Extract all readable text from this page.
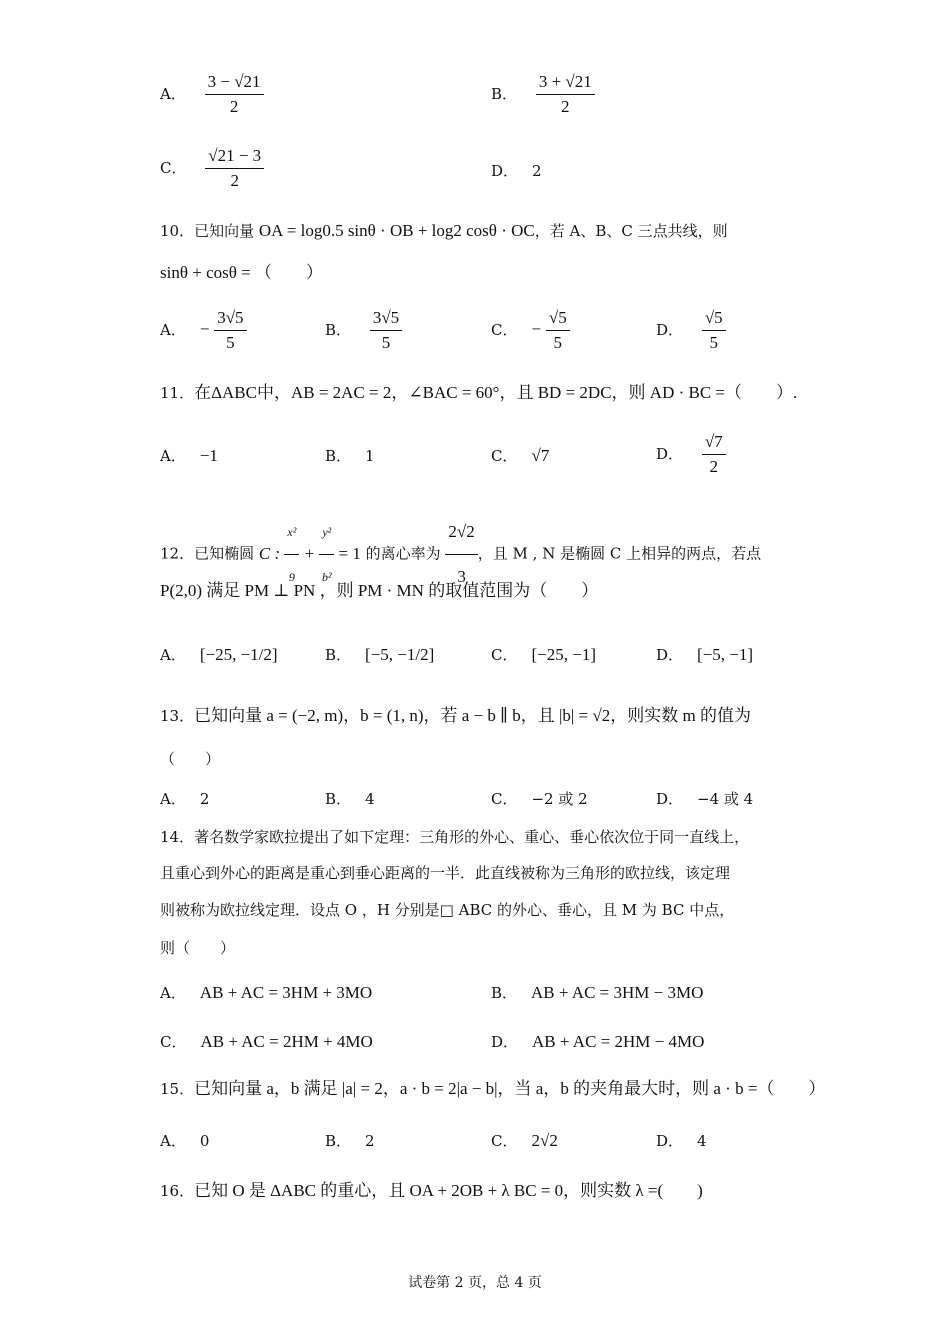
A． $\frac{3 - √21}{2}$	B． $\frac{3 + √21}{2}$
C． $\frac{√21 - 3}{2}$	D． 2
10．已知向量 OA = log0.5 sinθ · OB + log2 cosθ · OC，若 A、B、C 三点共线，则
sinθ + cosθ = （　　）
A． − $\frac{3√5}{5}$	B． $\frac{3√5}{5}$	C． − $\frac{√5}{5}$	D． $\frac{√5}{5}$
11．在ΔABC中，AB = 2AC = 2，∠BAC = 60°，且 BD = 2DC，则 AD · BC =（　　）.
A． −1	B． 1	C． √7	D． $\frac{√7}{2}$
12．已知椭圆 C : $\frac{\text{x²}}{9} + \frac{\text{y²}}{\text{b²}} = 1$ 的离心率为 $\frac{2√2}{3}$ ，且 M , N 是椭圆 C 上相异的两点，若点
P(2,0) 满足 PM ⊥ PN ，则 PM · MN 的取值范围为（　　）
A． [−25, −1/2]	B． [−5, −1/2]	C． [−25, −1]	D． [−5, −1]
13．已知向量 a = (−2, m)，b = (1, n)，若 a − b ∥ b，且 |b| = √2，则实数 m 的值为
（　　）
A． 2	B． 4	C． −2 或 2	D． −4 或 4
14．著名数学家欧拉提出了如下定理：三角形的外心、重心、垂心依次位于同一直线上，
且重心到外心的距离是重心到垂心距离的一半．此直线被称为三角形的欧拉线，该定理
则被称为欧拉线定理．设点 O ，H 分别是□ ABC 的外心、垂心，且 M 为 BC 中点，
则（　　）
A． AB + AC = 3HM + 3MO	B． AB + AC = 3HM − 3MO
C． AB + AC = 2HM + 4MO	D． AB + AC = 2HM − 4MO
15．已知向量 a，b 满足 |a| = 2，a · b = 2|a − b|，当 a，b 的夹角最大时，则 a · b =（　　）
A． 0	B． 2	C． 2√2	D． 4
16．已知 O 是 ΔABC 的重心，且 OA + 2OB + λ BC = 0，则实数 λ =(　　)
试卷第 2 页，总 4 页
